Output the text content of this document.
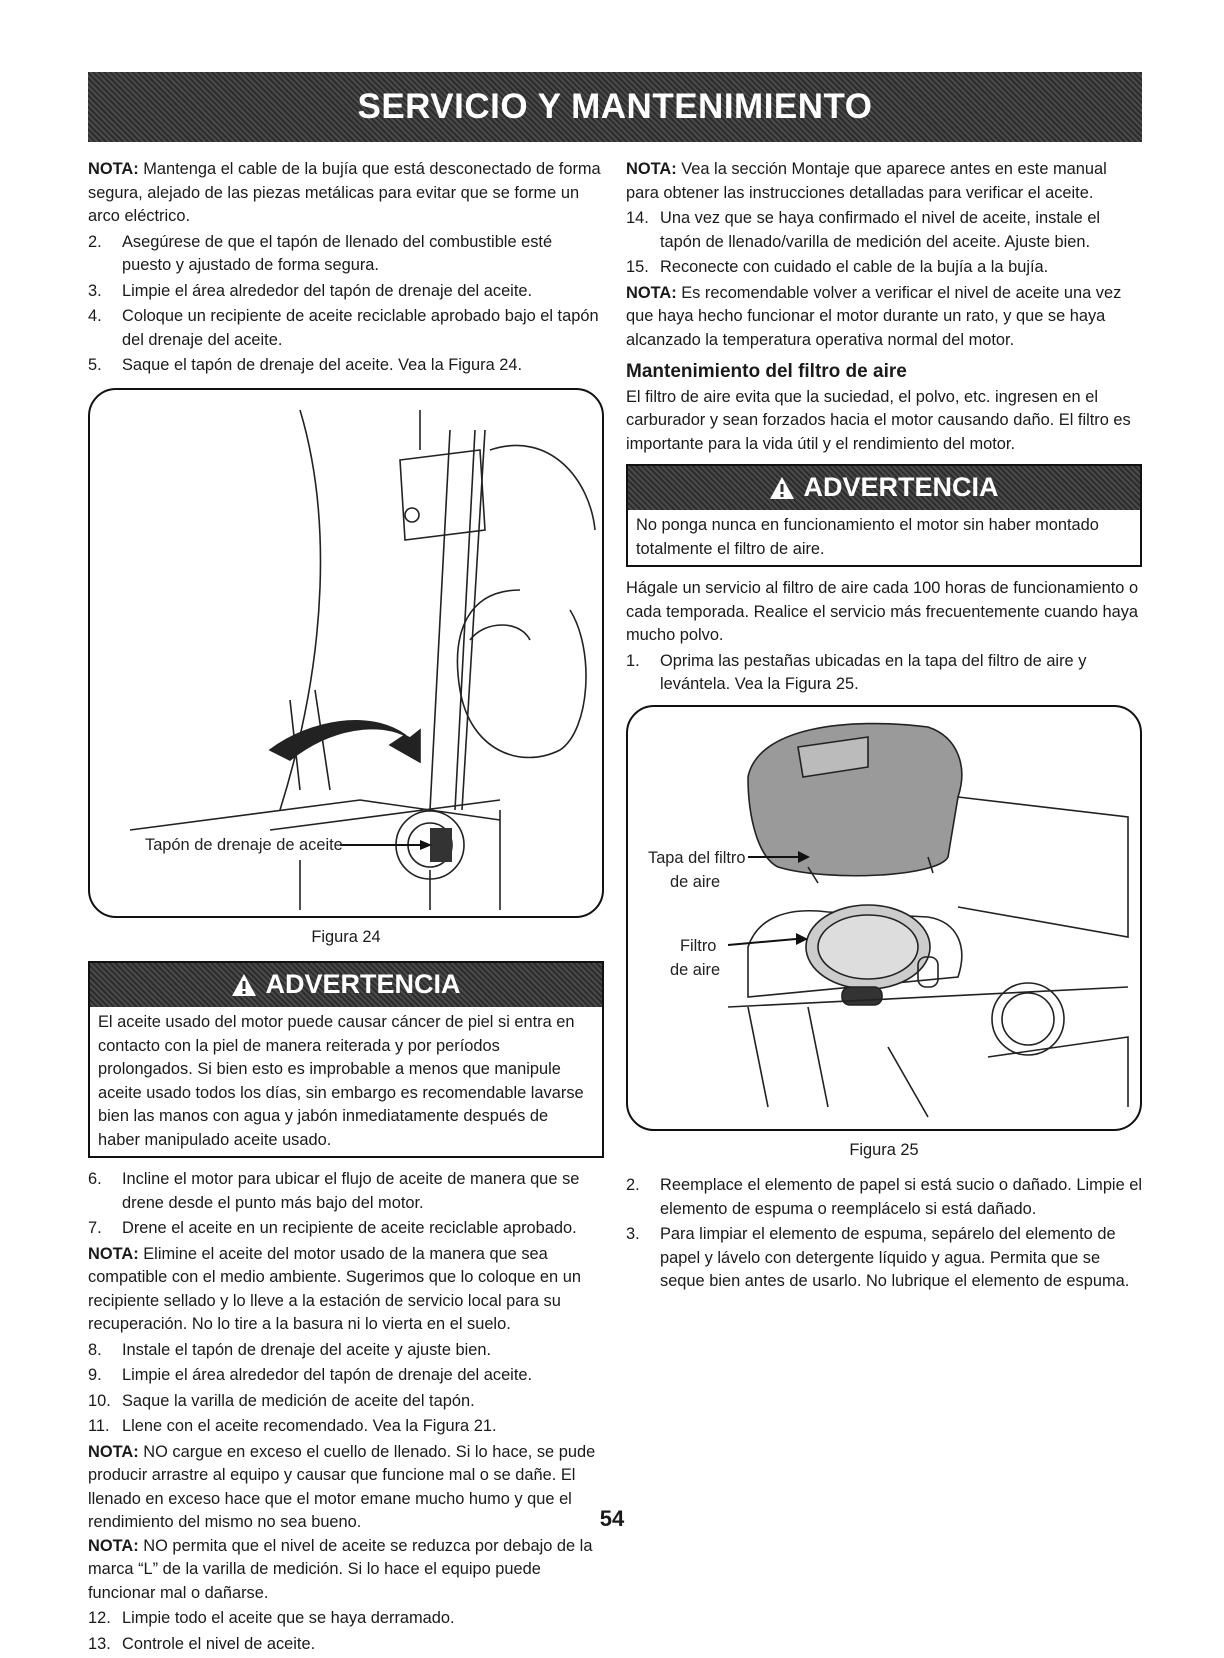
SERVICIO Y MANTENIMIENTO

NOTA: Mantenga el cable de la bujía que está desconectado de forma segura, alejado de las piezas metálicas para evitar que se forme un arco eléctrico.

2.	Asegúrese de que el tapón de llenado del combustible esté puesto y ajustado de forma segura.
3.	Limpie el área alrededor del tapón de drenaje del aceite.
4.	Coloque un recipiente de aceite reciclable aprobado bajo el tapón del drenaje del aceite.
5.	Saque el tapón de drenaje del aceite. Vea la Figura 24.
Tapón de drenaje de aceite
Figura 24
ADVERTENCIA
El aceite usado del motor puede causar cáncer de piel si entra en contacto con la piel de manera reiterada y por períodos prolongados. Si bien esto es improbable a menos que manipule aceite usado todos los días, sin embargo es recomendable lavarse bien las manos con agua y jabón inmediatamente después de haber manipulado aceite usado.
6.	Incline el motor para ubicar el flujo de aceite de manera que se drene desde el punto más bajo del motor.
7.	Drene el aceite en un recipiente de aceite reciclable aprobado.

NOTA: Elimine el aceite del motor usado de la manera que sea compatible con el medio ambiente. Sugerimos que lo coloque en un recipiente sellado y lo lleve a la estación de servicio local para su recuperación. No lo tire a la basura ni lo vierta en el suelo.

8.	Instale el tapón de drenaje del aceite y ajuste bien.
9.	Limpie el área alrededor del tapón de drenaje del aceite.
10. Saque la varilla de medición de aceite del tapón.
11. Llene con el aceite recomendado. Vea la Figura 21.

NOTA: NO cargue en exceso el cuello de llenado. Si lo hace, se pude producir arrastre al equipo y causar que funcione mal o se dañe. El llenado en exceso hace que el motor emane mucho humo y que el rendimiento del mismo no sea bueno.

NOTA: NO permita que el nivel de aceite se reduzca por debajo de la marca “L” de la varilla de medición. Si lo hace el equipo puede funcionar mal o dañarse.

12. Limpie todo el aceite que se haya derramado.
13. Controle el nivel de aceite.

NOTA: Vea la sección Montaje que aparece antes en este manual para obtener las instrucciones detalladas para verificar el aceite.

14. Una vez que se haya confirmado el nivel de aceite, instale el tapón de llenado/varilla de medición del aceite. Ajuste bien.
15. Reconecte con cuidado el cable de la bujía a la bujía.

NOTA: Es recomendable volver a verificar el nivel de aceite una vez que haya hecho funcionar el motor durante un rato, y que se haya alcanzado la temperatura operativa normal del motor.

Mantenimiento del filtro de aire

El filtro de aire evita que la suciedad, el polvo, etc. ingresen en el carburador y sean forzados hacia el motor causando daño. El filtro es importante para la vida útil y el rendimiento del motor.

ADVERTENCIA
No ponga nunca en funcionamiento el motor sin haber montado totalmente el filtro de aire.

Hágale un servicio al filtro de aire cada 100 horas de funcionamiento o cada temporada. Realice el servicio más frecuentemente cuando haya mucho polvo.

1.	Oprima las pestañas ubicadas en la tapa del filtro de aire y levántela. Vea la Figura 25.
Tapa del filtro
de aire
Filtro
de aire
Figura 25
2.	Reemplace el elemento de papel si está sucio o dañado. Limpie el elemento de espuma o reemplácelo si está dañado.
3.	Para limpiar el elemento de espuma, sepárelo del elemento de papel y lávelo con detergente líquido y agua. Permita que se seque bien antes de usarlo. No lubrique el elemento de espuma.
54
